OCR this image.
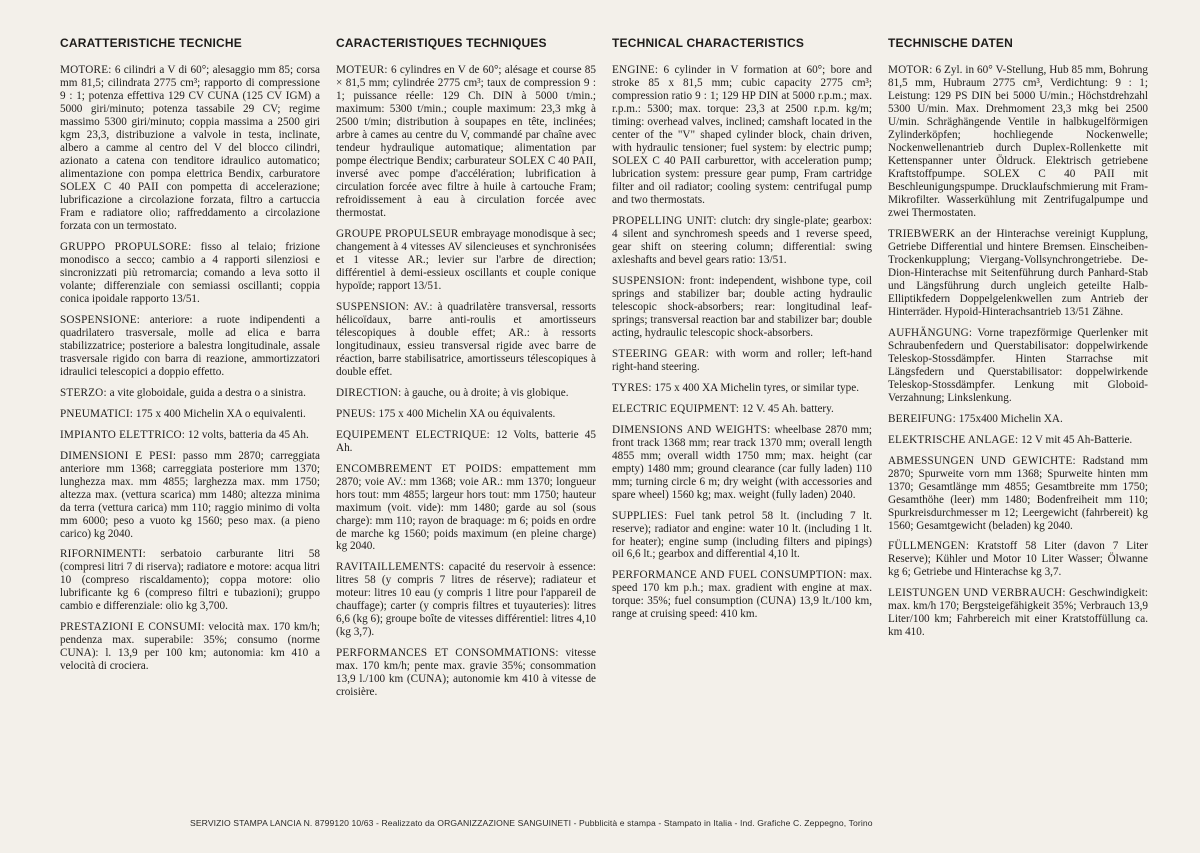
CARATTERISTICHE TECNICHE

MOTORE: 6 cilindri a V di 60°; alesaggio mm 85; corsa mm 81,5; cilindrata 2775 cm³; rapporto di compressione 9 : 1; potenza effettiva 129 CV CUNA (125 CV IGM) a 5000 giri/minuto; potenza tassabile 29 CV; regime massimo 5300 giri/minuto; coppia massima a 2500 giri kgm 23,3, distribuzione a valvole in testa, inclinate, albero a camme al centro del V del blocco cilindri, azionato a catena con tenditore idraulico automatico; alimentazione con pompa elettrica Bendix, carburatore SOLEX C 40 PAII con pompetta di accelerazione; lubrificazione a circolazione forzata, filtro a cartuccia Fram e radiatore olio; raffreddamento a circolazione forzata con un termostato.

GRUPPO PROPULSORE: fisso al telaio; frizione monodisco a secco; cambio a 4 rapporti silenziosi e sincronizzati più retromarcia; comando a leva sotto il volante; differenziale con semiassi oscillanti; coppia conica ipoidale rapporto 13/51.

SOSPENSIONE: anteriore: a ruote indipendenti a quadrilatero trasversale, molle ad elica e barra stabilizzatrice; posteriore a balestra longitudinale, assale trasversale rigido con barra di reazione, ammortizzatori idraulici telescopici a doppio effetto.

STERZO: a vite globoidale, guida a destra o a sinistra.

PNEUMATICI: 175 x 400 Michelin XA o equivalenti.

IMPIANTO ELETTRICO: 12 volts, batteria da 45 Ah.

DIMENSIONI E PESI: passo mm 2870; carreggiata anteriore mm 1368; carreggiata posteriore mm 1370; lunghezza max. mm 4855; larghezza max. mm 1750; altezza max. (vettura scarica) mm 1480; altezza minima da terra (vettura carica) mm 110; raggio minimo di volta mm 6000; peso a vuoto kg 1560; peso max. (a pieno carico) kg 2040.

RIFORNIMENTI: serbatoio carburante litri 58 (compresi litri 7 di riserva); radiatore e motore: acqua litri 10 (compreso riscaldamento); coppa motore: olio lubrificante kg 6 (compreso filtri e tubazioni); gruppo cambio e differenziale: olio kg 3,700.

PRESTAZIONI E CONSUMI: velocità max. 170 km/h; pendenza max. superabile: 35%; consumo (norme CUNA): l. 13,9 per 100 km; autonomia: km 410 a velocità di crociera.

CARACTERISTIQUES TECHNIQUES

MOTEUR: 6 cylindres en V de 60°; alésage et course 85 × 81,5 mm; cylindrée 2775 cm³; taux de compression 9 : 1; puissance réelle: 129 Ch. DIN à 5000 t/min.; maximum: 5300 t/min.; couple maximum: 23,3 mkg à 2500 t/min; distribution à soupapes en tête, inclinées; arbre à cames au centre du V, commandé par chaîne avec tendeur hydraulique automatique; alimentation par pompe électrique Bendix; carburateur SOLEX C 40 PAII, inversé avec pompe d'accélération; lubrification à circulation forcée avec filtre à huile à cartouche Fram; refroidissement à eau à circulation forcée avec thermostat.

GROUPE PROPULSEUR embrayage monodisque à sec; changement à 4 vitesses AV silencieuses et synchronisées et 1 vitesse AR.; levier sur l'arbre de direction; différentiel à demi-essieux oscillants et couple conique hypoïde; rapport 13/51.

SUSPENSION: AV.: à quadrilatère transversal, ressorts hélicoïdaux, barre anti-roulis et amortisseurs télescopiques à double effet; AR.: à ressorts longitudinaux, essieu transversal rigide avec barre de réaction, barre stabilisatrice, amortisseurs télescopiques à double effet.

DIRECTION: à gauche, ou à droite; à vis globique.

PNEUS: 175 x 400 Michelin XA ou équivalents.

EQUIPEMENT ELECTRIQUE: 12 Volts, batterie 45 Ah.

ENCOMBREMENT ET POIDS: empattement mm 2870; voie AV.: mm 1368; voie AR.: mm 1370; longueur hors tout: mm 4855; largeur hors tout: mm 1750; hauteur maximum (voit. vide): mm 1480; garde au sol (sous charge): mm 110; rayon de braquage: m 6; poids en ordre de marche kg 1560; poids maximum (en pleine charge) kg 2040.

RAVITAILLEMENTS: capacité du reservoir à essence: litres 58 (y compris 7 litres de réserve); radiateur et moteur: litres 10 eau (y compris 1 litre pour l'appareil de chauffage); carter (y compris filtres et tuyauteries): litres 6,6 (kg 6); groupe boîte de vitesses différentiel: litres 4,10 (kg 3,7).

PERFORMANCES ET CONSOMMATIONS: vitesse max. 170 km/h; pente max. gravie 35%; consommation 13,9 l./100 km (CUNA); autonomie km 410 à vitesse de croisière.

TECHNICAL CHARACTERISTICS

ENGINE: 6 cylinder in V formation at 60°; bore and stroke 85 x 81,5 mm; cubic capacity 2775 cm³; compression ratio 9 : 1; 129 HP DIN at 5000 r.p.m.; max. r.p.m.: 5300; max. torque: 23,3 at 2500 r.p.m. kg/m; timing: overhead valves, inclined; camshaft located in the center of the "V" shaped cylinder block, chain driven, with hydraulic tensioner; fuel system: by electric pump; SOLEX C 40 PAII carburettor, with acceleration pump; lubrication system: pressure gear pump, Fram cartridge filter and oil radiator; cooling system: centrifugal pump and two thermostats.

PROPELLING UNIT: clutch: dry single-plate; gearbox: 4 silent and synchromesh speeds and 1 reverse speed, gear shift on steering column; differential: swing axleshafts and bevel gears ratio: 13/51.

SUSPENSION: front: independent, wishbone type, coil springs and stabilizer bar; double acting hydraulic telescopic shock-absorbers; rear: longitudinal leaf-springs; transversal reaction bar and stabilizer bar; double acting, hydraulic telescopic shock-absorbers.

STEERING GEAR: with worm and roller; left-hand right-hand steering.

TYRES: 175 x 400 XA Michelin tyres, or similar type.

ELECTRIC EQUIPMENT: 12 V. 45 Ah. battery.

DIMENSIONS AND WEIGHTS: wheelbase 2870 mm; front track 1368 mm; rear track 1370 mm; overall length 4855 mm; overall width 1750 mm; max. height (car empty) 1480 mm; ground clearance (car fully laden) 110 mm; turning circle 6 m; dry weight (with accessories and spare wheel) 1560 kg; max. weight (fully laden) 2040.

SUPPLIES: Fuel tank petrol 58 lt. (including 7 lt. reserve); radiator and engine: water 10 lt. (including 1 lt. for heater); engine sump (including filters and pipings) oil 6,6 lt.; gearbox and differential 4,10 lt.

PERFORMANCE AND FUEL CONSUMPTION: max. speed 170 km p.h.; max. gradient with engine at max. torque: 35%; fuel consumption (CUNA) 13,9 lt./100 km, range at cruising speed: 410 km.

TECHNISCHE DATEN

MOTOR: 6 Zyl. in 60° V-Stellung, Hub 85 mm, Bohrung 81,5 mm, Hubraum 2775 cm³, Verdichtung: 9 : 1; Leistung: 129 PS DIN bei 5000 U/min.; Höchstdrehzahl 5300 U/min. Max. Drehmoment 23,3 mkg bei 2500 U/min. Schräghängende Ventile in halbkugelförmigen Zylinderköpfen; hochliegende Nockenwelle; Nockenwellenantrieb durch Duplex-Rollenkette mit Kettenspanner unter Öldruck. Elektrisch getriebene Kraftstoffpumpe. SOLEX C 40 PAII mit Beschleunigungspumpe. Drucklaufschmierung mit Fram-Mikrofilter. Wasserkühlung mit Zentrifugalpumpe und zwei Thermostaten.

TRIEBWERK an der Hinterachse vereinigt Kupplung, Getriebe Differential und hintere Bremsen. Einscheiben-Trockenkupplung; Viergang-Vollsynchrongetriebe. De-Dion-Hinterachse mit Seitenführung durch Panhard-Stab und Längsführung durch ungleich geteilte Halb-Elliptikfedern Doppelgelenkwellen zum Antrieb der Hinterräder. Hypoid-Hinterachsantrieb 13/51 Zähne.

AUFHÄNGUNG: Vorne trapezförmige Querlenker mit Schraubenfedern und Querstabilisator: doppelwirkende Teleskop-Stossdämpfer. Hinten Starrachse mit Längsfedern und Querstabilisator: doppelwirkende Teleskop-Stossdämpfer. Lenkung mit Globoid-Verzahnung; Linkslenkung.

BEREIFUNG: 175x400 Michelin XA.

ELEKTRISCHE ANLAGE: 12 V mit 45 Ah-Batterie.

ABMESSUNGEN UND GEWICHTE: Radstand mm 2870; Spurweite vorn mm 1368; Spurweite hinten mm 1370; Gesamtlänge mm 4855; Gesamtbreite mm 1750; Gesamthöhe (leer) mm 1480; Bodenfreiheit mm 110; Spurkreisdurchmesser m 12; Leergewicht (fahrbereit) kg 1560; Gesamtgewicht (beladen) kg 2040.

FÜLLMENGEN: Kratstoff 58 Liter (davon 7 Liter Reserve); Kühler und Motor 10 Liter Wasser; Ölwanne kg 6; Getriebe und Hinterachse kg 3,7.

LEISTUNGEN UND VERBRAUCH: Geschwindigkeit: max. km/h 170; Bergsteigefähigkeit 35%; Verbrauch 13,9 Liter/100 km; Fahrbereich mit einer Kratstoffüllung ca. km 410.

SERVIZIO STAMPA LANCIA N. 8799120 10/63 - Realizzato da ORGANIZZAZIONE SANGUINETI - Pubblicità e stampa - Stampato in Italia - Ind. Grafiche C. Zeppegno, Torino
